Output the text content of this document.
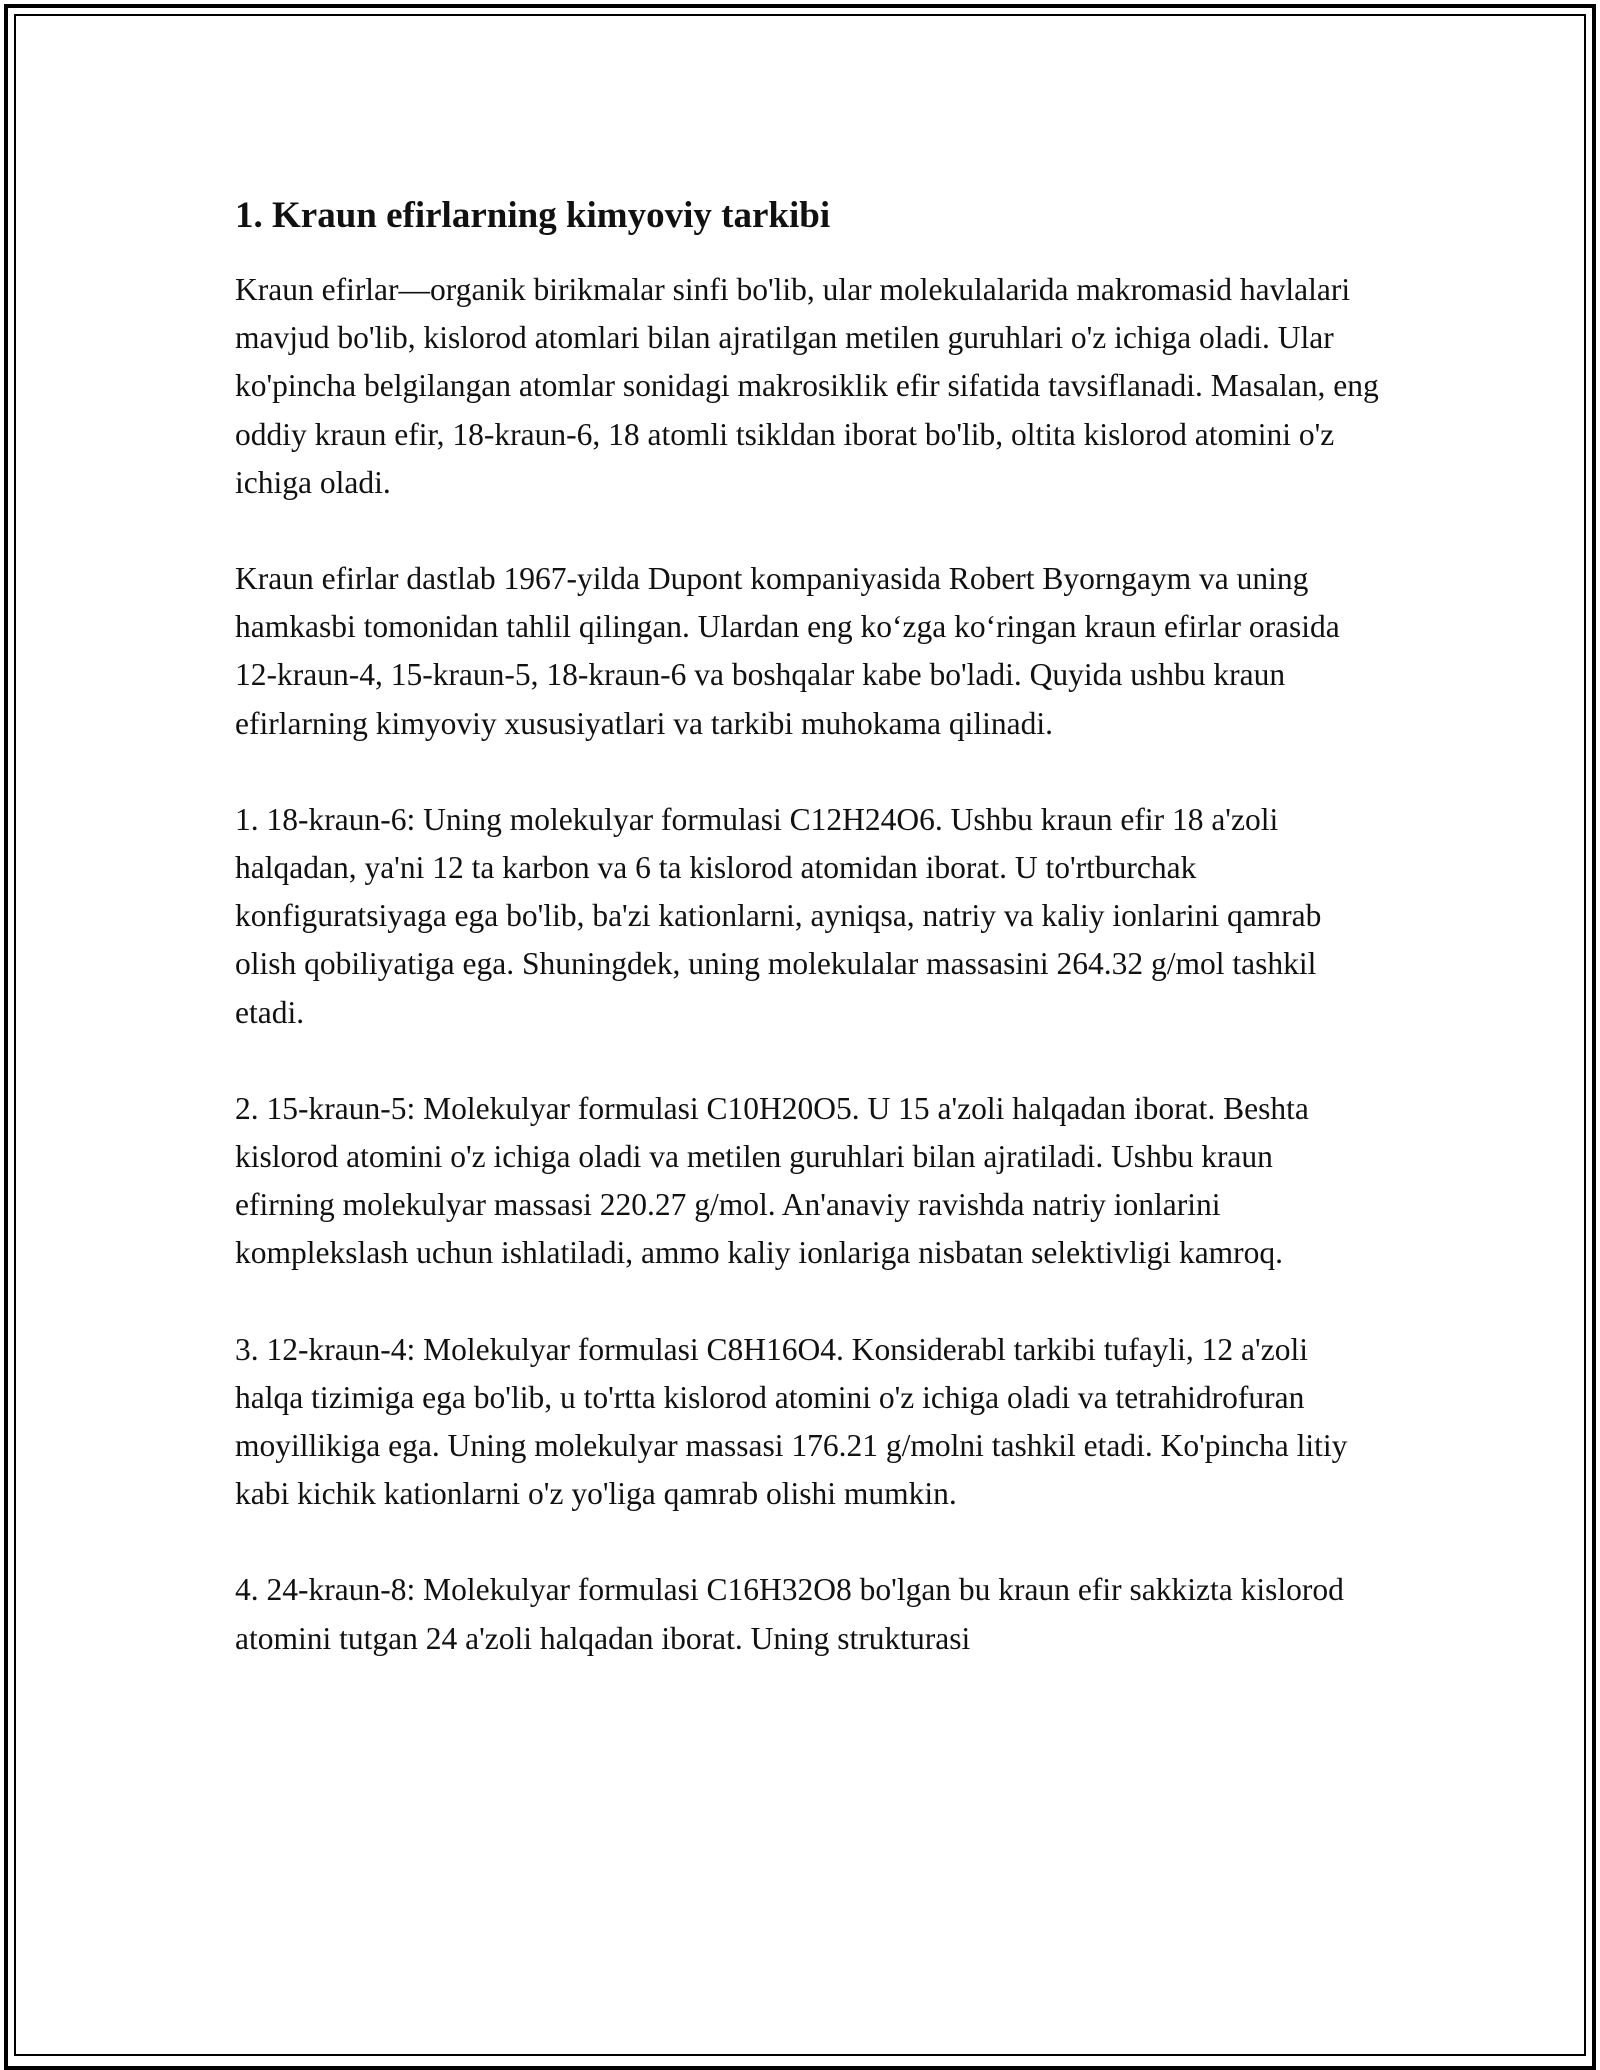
1. Kraun efirlarning kimyoviy tarkibi

Kraun efirlar—organik birikmalar sinfi bo'lib, ular molekulalarida makromasid havlalari mavjud bo'lib, kislorod atomlari bilan ajratilgan metilen guruhlari o'z ichiga oladi. Ular ko'pincha belgilangan atomlar sonidagi makrosiklik efir sifatida tavsiflanadi. Masalan, eng oddiy kraun efir, 18-kraun-6, 18 atomli tsikldan iborat bo'lib, oltita kislorod atomini o'z ichiga oladi.

Kraun efirlar dastlab 1967-yilda Dupont kompaniyasida Robert Byorngaym va uning hamkasbi tomonidan tahlil qilingan. Ulardan eng ko‘zga ko‘ringan kraun efirlar orasida 12-kraun-4, 15-kraun-5, 18-kraun-6 va boshqalar kabe bo'ladi. Quyida ushbu kraun efirlarning kimyoviy xususiyatlari va tarkibi muhokama qilinadi.

1. 18-kraun-6: Uning molekulyar formulasi C12H24O6. Ushbu kraun efir 18 a'zoli halqadan, ya'ni 12 ta karbon va 6 ta kislorod atomidan iborat. U to'rtburchak konfiguratsiyaga ega bo'lib, ba'zi kationlarni, ayniqsa, natriy va kaliy ionlarini qamrab olish qobiliyatiga ega. Shuningdek, uning molekulalar massasini 264.32 g/mol tashkil etadi.

2. 15-kraun-5: Molekulyar formulasi C10H20O5. U 15 a'zoli halqadan iborat. Beshta kislorod atomini o'z ichiga oladi va metilen guruhlari bilan ajratiladi. Ushbu kraun efirning molekulyar massasi 220.27 g/mol. An'anaviy ravishda natriy ionlarini komplekslash uchun ishlatiladi, ammo kaliy ionlariga nisbatan selektivligi kamroq.

3. 12-kraun-4: Molekulyar formulasi C8H16O4. Konsiderabl tarkibi tufayli, 12 a'zoli halqa tizimiga ega bo'lib, u to'rtta kislorod atomini o'z ichiga oladi va tetrahidrofuran moyillikiga ega. Uning molekulyar massasi 176.21 g/molni tashkil etadi. Ko'pincha litiy kabi kichik kationlarni o'z yo'liga qamrab olishi mumkin.

4. 24-kraun-8: Molekulyar formulasi C16H32O8 bo'lgan bu kraun efir sakkizta kislorod atomini tutgan 24 a'zoli halqadan iborat. Uning strukturasi
